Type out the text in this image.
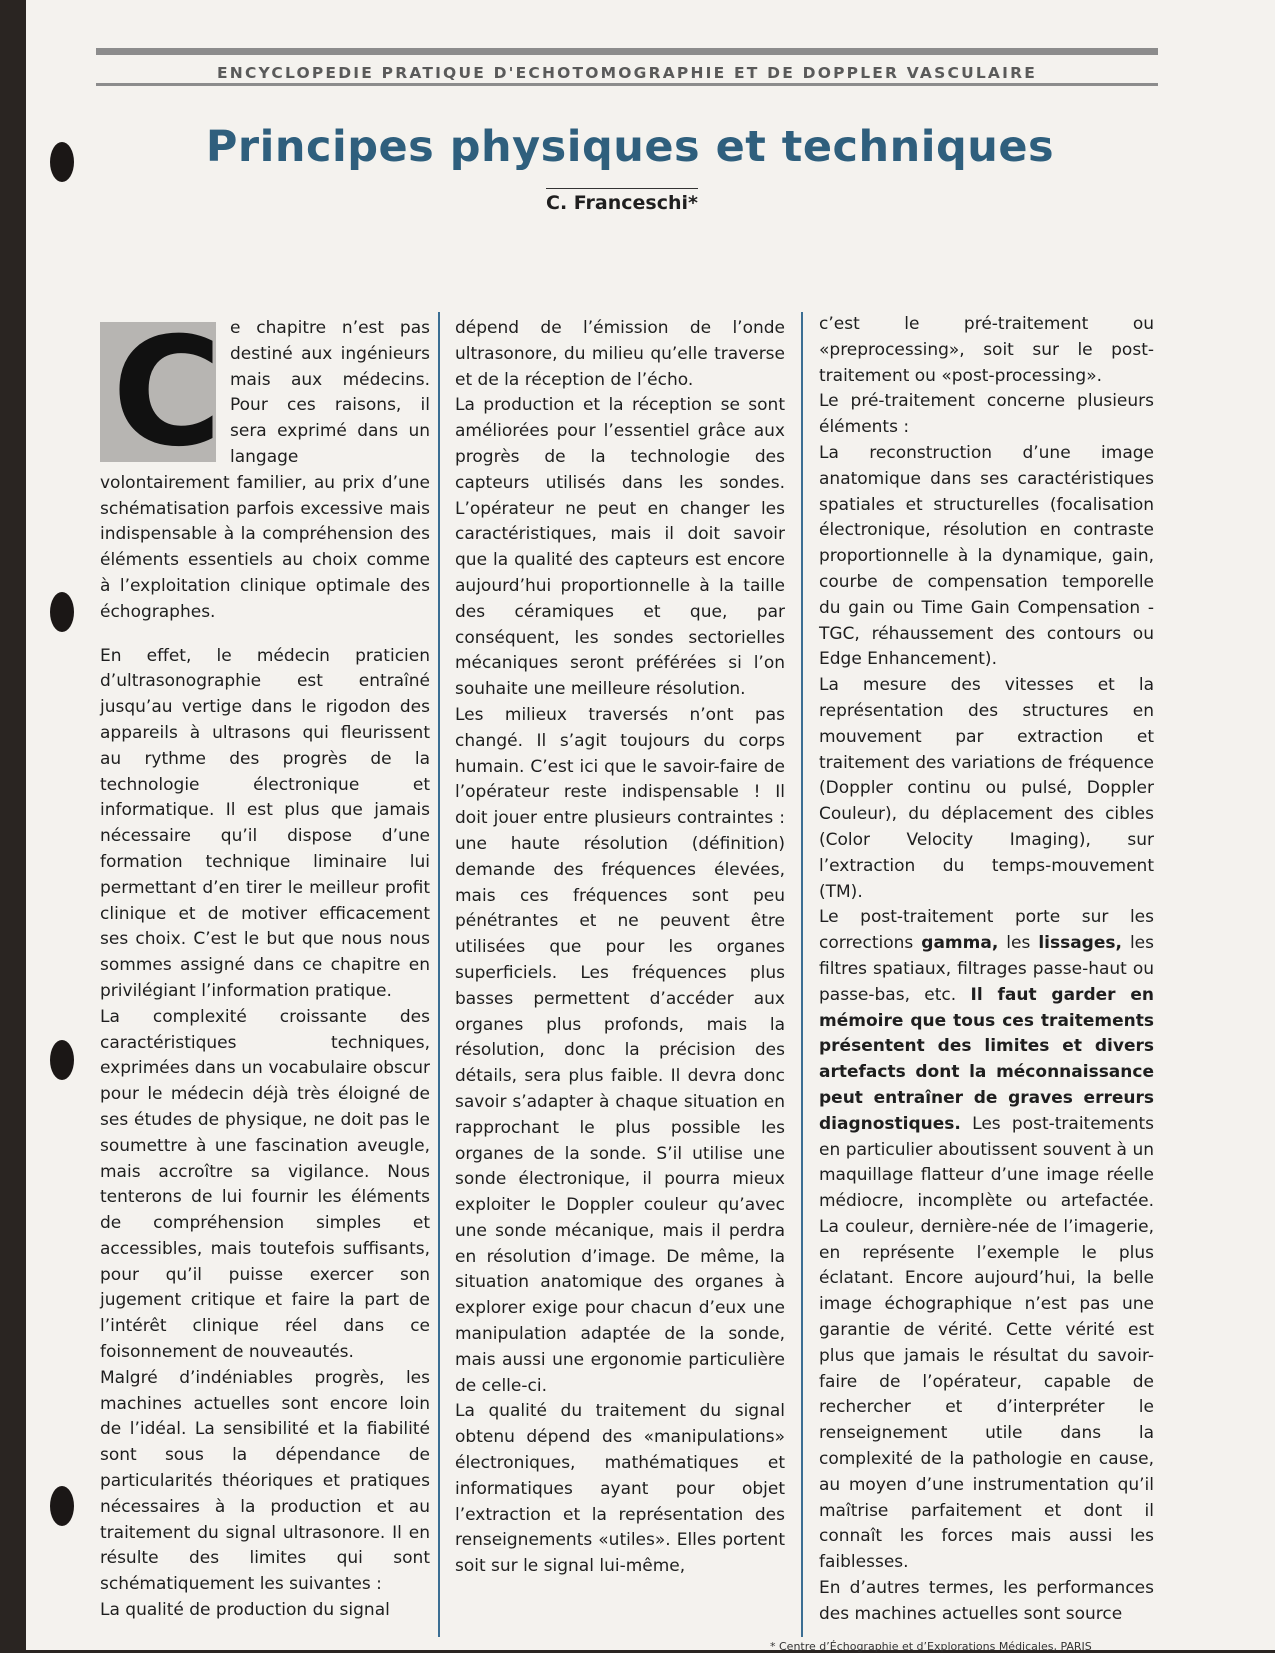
ENCYCLOPEDIE PRATIQUE D'ECHOTOMOGRAPHIE ET DE DOPPLER VASCULAIRE
Principes physiques et techniques
C. Franceschi*
C e chapitre n’est pas destiné aux ingénieurs mais aux médecins. Pour ces raisons, il sera exprimé dans un langage volontairement familier, au prix d’une schématisation parfois excessive mais indispensable à la compréhension des éléments essentiels au choix comme à l’exploitation clinique optimale des échographes.

En effet, le médecin praticien d’ultrasonographie est entraîné jusqu’au vertige dans le rigodon des appareils à ultrasons qui fleurissent au rythme des progrès de la technologie électronique et informatique. Il est plus que jamais nécessaire qu’il dispose d’une formation technique liminaire lui permettant d’en tirer le meilleur profit clinique et de motiver efficacement ses choix. C’est le but que nous nous sommes assigné dans ce chapitre en privilégiant l’information pratique.

La complexité croissante des caractéristiques techniques, exprimées dans un vocabulaire obscur pour le médecin déjà très éloigné de ses études de physique, ne doit pas le soumettre à une fascination aveugle, mais accroître sa vigilance. Nous tenterons de lui fournir les éléments de compréhension simples et accessibles, mais toutefois suffisants, pour qu’il puisse exercer son jugement critique et faire la part de l’intérêt clinique réel dans ce foisonnement de nouveautés.

Malgré d’indéniables progrès, les machines actuelles sont encore loin de l’idéal. La sensibilité et la fiabilité sont sous la dépendance de particularités théoriques et pratiques nécessaires à la production et au traitement du signal ultrasonore. Il en résulte des limites qui sont schématiquement les suivantes :

La qualité de production du signal

dépend de l’émission de l’onde ultrasonore, du milieu qu’elle traverse et de la réception de l’écho.

La production et la réception se sont améliorées pour l’essentiel grâce aux progrès de la technologie des capteurs utilisés dans les sondes. L’opérateur ne peut en changer les caractéristiques, mais il doit savoir que la qualité des capteurs est encore aujourd’hui proportionnelle à la taille des céramiques et que, par conséquent, les sondes sectorielles mécaniques seront préférées si l’on souhaite une meilleure résolution.

Les milieux traversés n’ont pas changé. Il s’agit toujours du corps humain. C’est ici que le savoir-faire de l’opérateur reste indispensable ! Il doit jouer entre plusieurs contraintes : une haute résolution (définition) demande des fréquences élevées, mais ces fréquences sont peu pénétrantes et ne peuvent être utilisées que pour les organes superficiels. Les fréquences plus basses permettent d’accéder aux organes plus profonds, mais la résolution, donc la précision des détails, sera plus faible. Il devra donc savoir s’adapter à chaque situation en rapprochant le plus possible les organes de la sonde. S’il utilise une sonde électronique, il pourra mieux exploiter le Doppler couleur qu’avec une sonde mécanique, mais il perdra en résolution d’image. De même, la situation anatomique des organes à explorer exige pour chacun d’eux une manipulation adaptée de la sonde, mais aussi une ergonomie particulière de celle-ci.

La qualité du traitement du signal obtenu dépend des «manipulations» électroniques, mathématiques et informatiques ayant pour objet l’extraction et la représentation des renseignements «utiles». Elles portent soit sur le signal lui-même,

c’est le pré-traitement ou «preprocessing», soit sur le post-traitement ou «post-processing».

Le pré-traitement concerne plusieurs éléments :

La reconstruction d’une image anatomique dans ses caractéristiques spatiales et structurelles (focalisation électronique, résolution en contraste proportionnelle à la dynamique, gain, courbe de compensation temporelle du gain ou Time Gain Compensation -TGC, réhaussement des contours ou Edge Enhancement).

La mesure des vitesses et la représentation des structures en mouvement par extraction et traitement des variations de fréquence (Doppler continu ou pulsé, Doppler Couleur), du déplacement des cibles (Color Velocity Imaging), sur l’extraction du temps-mouvement (TM).

Le post-traitement porte sur les corrections gamma, les lissages, les filtres spatiaux, filtrages passe-haut ou passe-bas, etc. Il faut garder en mémoire que tous ces traitements présentent des limites et divers artefacts dont la méconnaissance peut entraîner de graves erreurs diagnostiques. Les post-traitements en particulier aboutissent souvent à un maquillage flatteur d’une image réelle médiocre, incomplète ou artefactée. La couleur, dernière-née de l’imagerie, en représente l’exemple le plus éclatant. Encore aujourd’hui, la belle image échographique n’est pas une garantie de vérité. Cette vérité est plus que jamais le résultat du savoir-faire de l’opérateur, capable de rechercher et d’interpréter le renseignement utile dans la complexité de la pathologie en cause, au moyen d’une instrumentation qu’il maîtrise parfaitement et dont il connaît les forces mais aussi les faiblesses.

En d’autres termes, les performances des machines actuelles sont source

* Centre d’Échographie et d’Explorations Médicales, PARIS
